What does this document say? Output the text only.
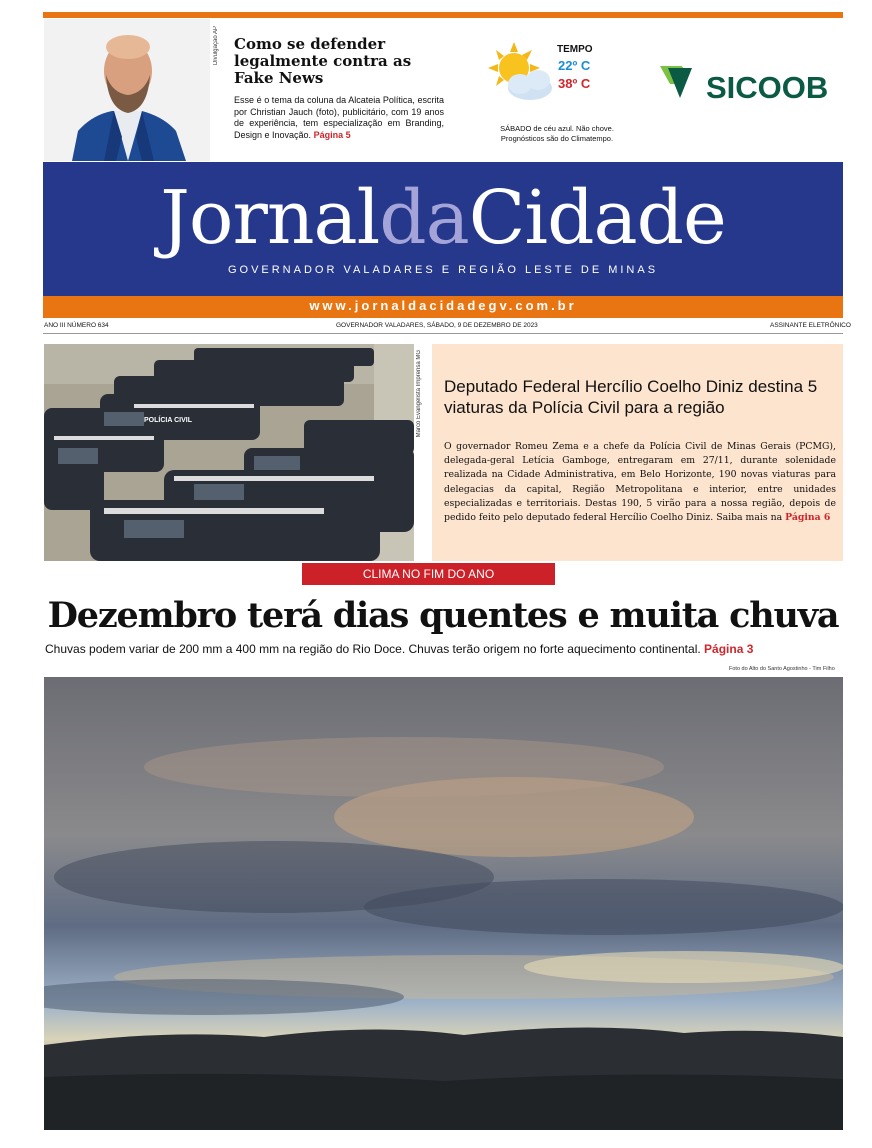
Divulgação AP Como se defender legalmente contra as Fake News
Esse é o tema da coluna da Alcateia Política, escrita por Christian Jauch (foto), publicitário, com 19 anos de experiência, tem especialização em Branding, Design e Inovação. Página 5
TEMPO
22º C
38º C
SÁBADO de céu azul. Não chove. Prognósticos são do Climatempo.
SICOOB
JornaldaCidade
GOVERNADOR VALADARES E REGIÃO LESTE DE MINAS
www.jornaldacidadegv.com.br
ANO III NÚMERO 634	GOVERNADOR VALADARES, SÁBADO, 9 DE DEZEMBRO DE 2023	ASSINANTE ELETRÔNICO
POLÍCIA CIVIL	Marco Evangelista Imprensa MG Deputado Federal Hercílio Coelho Diniz destina 5 viaturas da Polícia Civil para a região
O governador Romeu Zema e a chefe da Polícia Civil de Minas Gerais (PCMG), delegada-geral Letícia Gamboge, entregaram em 27/11, durante solenidade realizada na Cidade Administrativa, em Belo Horizonte, 190 novas viaturas para delegacias da capital, Região Metropolitana e interior, entre unidades especializadas e territoriais. Destas 190, 5 virão para a nossa região, depois de pedido feito pelo deputado federal Hercílio Coelho Diniz. Saiba mais na Página 6
CLIMA NO FIM DO ANO
Dezembro terá dias quentes e muita chuva
Chuvas podem variar de 200 mm a 400 mm na região do Rio Doce. Chuvas terão origem no forte aquecimento continental. Página 3
Foto do Alto do Santo Agostinho - Tim Filho
